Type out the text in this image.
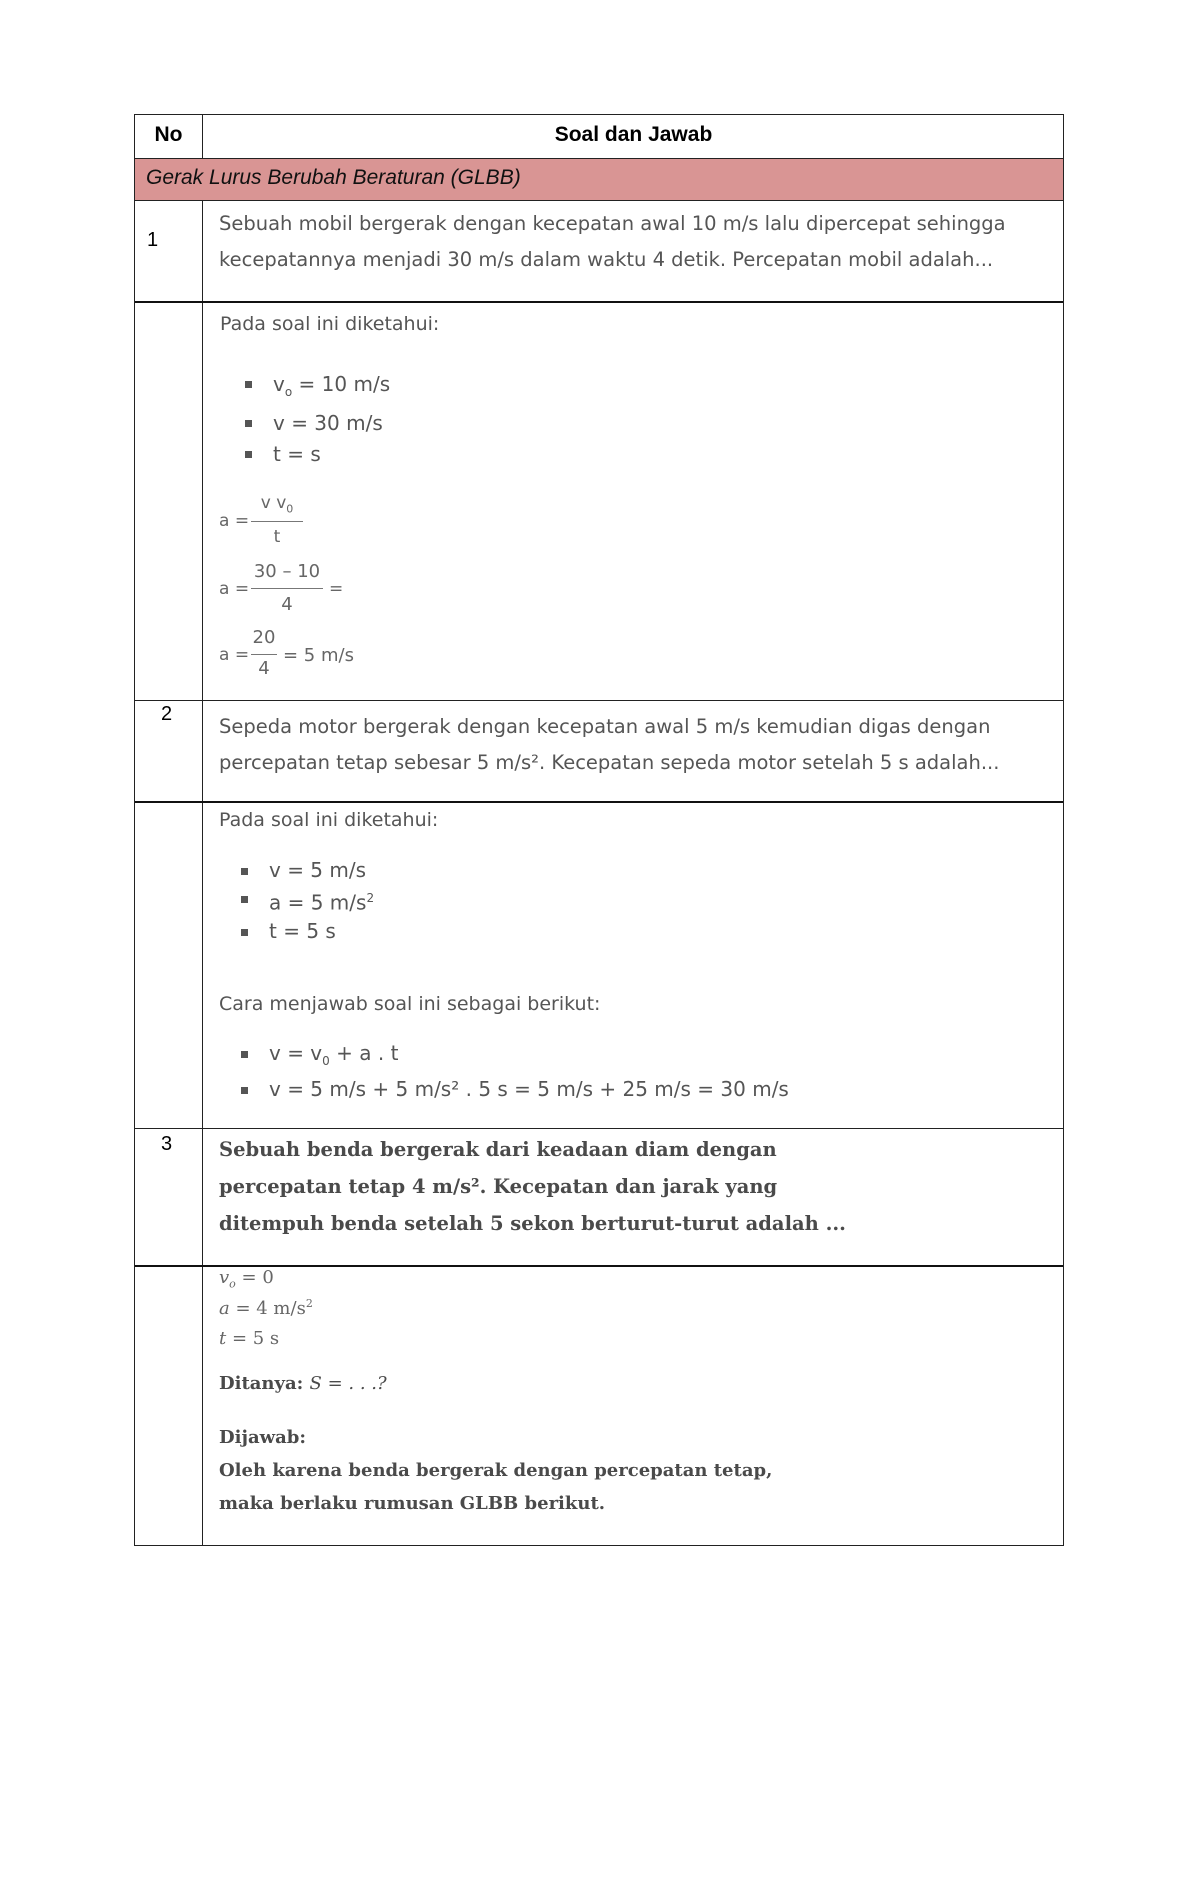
No	Soal dan Jawab
Gerak Lurus Berubah Beraturan (GLBB)
1
Sebuah mobil bergerak dengan kecepatan awal 10 m/s lalu dipercepat sehingga
kecepatannya menjadi 30 m/s dalam waktu 4 detik. Percepatan mobil adalah...
Pada soal ini diketahui:
$v_o = 10$ m/s
v = 30 m/s
t = s
a =
v $v_0$
t
a =
30 – 10
4
=
a =
20
4
= 5 m/s
2
Sepeda motor bergerak dengan kecepatan awal 5 m/s kemudian digas dengan
percepatan tetap sebesar 5 m/s². Kecepatan sepeda motor setelah 5 s adalah...
Pada soal ini diketahui:
v = 5 m/s
a = 5 $m/s^2$
t = 5 s
Cara menjawab soal ini sebagai berikut:
$v = v_0 + a$ . t
v = 5 m/s + 5 m/s² . 5 s = 5 m/s + 25 m/s = 30 m/s
3 Sebuah benda bergerak dari keadaan diam dengan
percepatan tetap 4 m/s². Kecepatan dan jarak yang
ditempuh benda setelah 5 sekon berturut-turut adalah ...
$v_o = 0$
a = 4 $m/s^2$
t = 5 s
Ditanya: S = . . .?
Dijawab:
Oleh karena benda bergerak dengan percepatan tetap,
maka berlaku rumusan GLBB berikut.
